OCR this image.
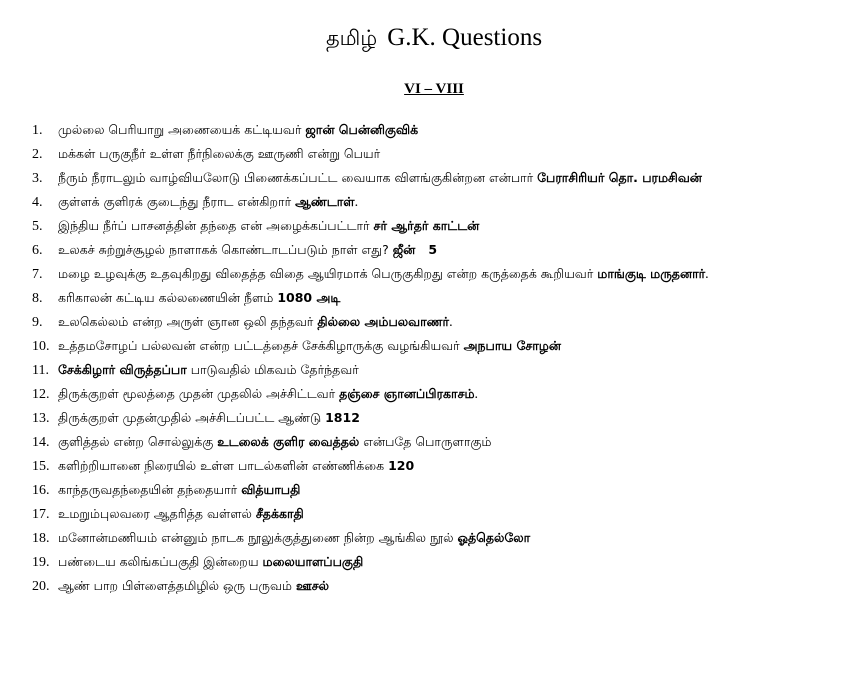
தமிழ் G.K. Questions
VI – VIII
1. முல்லை பெரியாறு அணையைக் கட்டியவர் ஜான் பென்னிகுவிக்
2. மக்கள் பருகுநீர் உள்ள நீர்நிலைக்கு ஊருணி என்று பெயர்
3. நீரும் நீராடலும் வாழ்வியலோடு பிணைக்கப்பட்ட வையாக விளங்குகின்றன என்பார் பேராசிரியர் தொ. பரமசிவன்
4. குள்ளக் குளிரக் குடைந்து நீராட என்கிறார் ஆண்டாள்.
5. இந்திய நீர்ப் பாசனத்தின் தந்தை என் அழைக்கப்பட்டார் சர் ஆர்தர் காட்டன்
6. உலகச் சுற்றுச்சூழல் நாளாகக் கொண்டாடப்படும் நாள் எது? ஜீன்   5
7. மழை உழவுக்கு உதவுகிறது விதைத்த விதை ஆயிரமாக் பெருகுகிறது என்ற கருத்தைக் கூறியவர் மாங்குடி மருதனார்.
8. கரிகாலன் கட்டிய கல்லணையின் நீளம் 1080 அடி
9. உலகெல்லம் என்ற அருள் ஞான ஒலி தந்தவர் தில்லை அம்பலவாணர்.
10. உத்தமசோழப் பல்லவன் என்ற பட்டத்தைச் சேக்கிழாருக்கு வழங்கியவர் அநபாய சோழன்
11. சேக்கிழார் விருத்தப்பா பாடுவதில் மிகவம் தேர்ந்தவர்
12. திருக்குறள் மூலத்தை முதன் முதலில் அச்சிட்டவர் தஞ்சை ஞானப்பிரகாசம்.
13. திருக்குறள் முதன்முதில் அச்சிடப்பட்ட ஆண்டு 1812
14. குளித்தல் என்ற சொல்லுக்கு உடலைக் குளிர வைத்தல் என்பதே பொருளாகும்
15. களிற்றியானை நிரையில் உள்ள பாடல்களின் எண்ணிக்கை 120
16. காந்தருவதந்தையின் தந்தையார் வித்யாபதி
17. உமறும்புலவரை ஆதரித்த வள்ளல் சீதக்காதி
18. மனோன்மணியம் என்னும் நாடக நூலுக்குத்துணை நின்ற ஆங்கில நூல் ஓத்தெல்லோ
19. பண்டைய கலிங்கப்பகுதி இன்றைய மலையாளப்பகுதி
20. ஆண் பாற பிள்ளைத்தமிழில் ஒரு பருவம் ஊசல்
